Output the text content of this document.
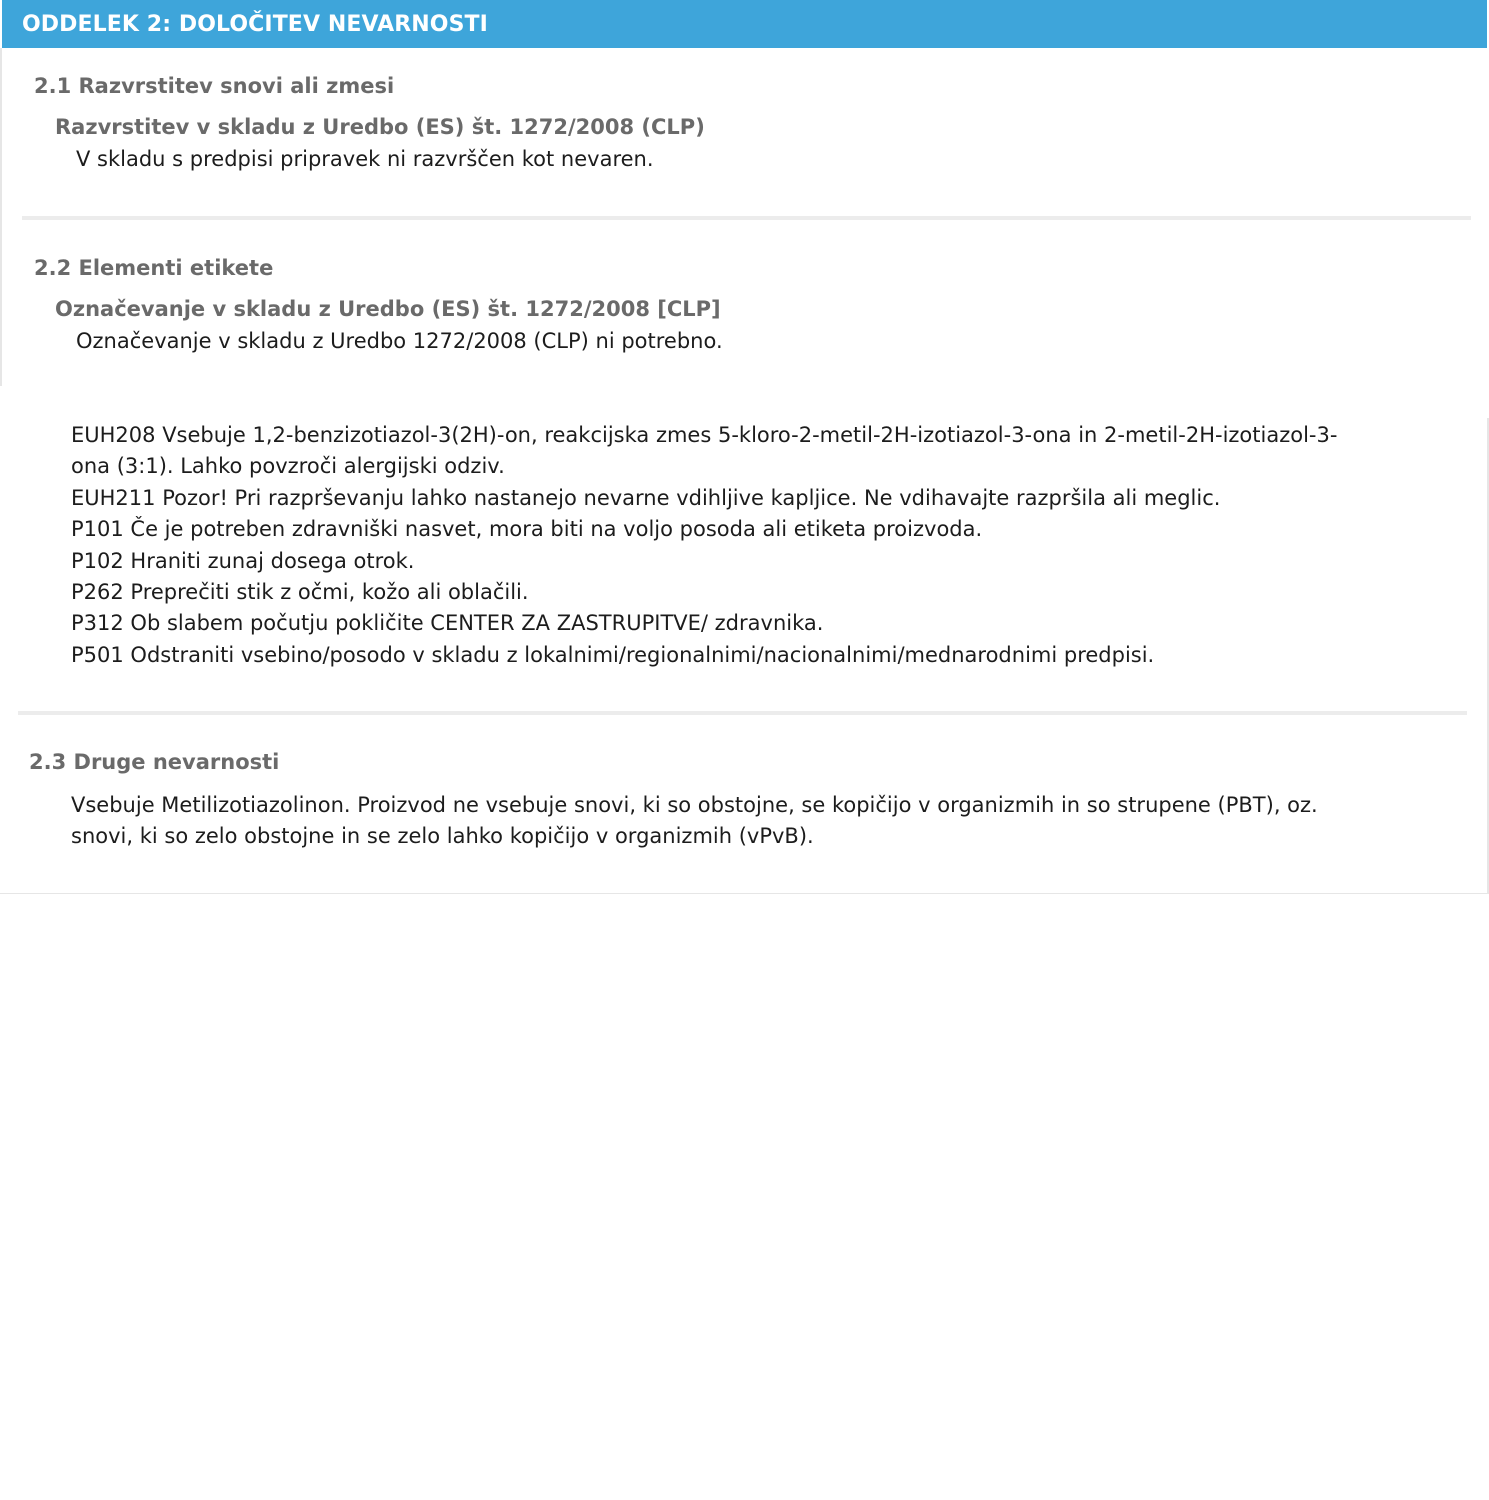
ODDELEK 2: DOLOČITEV NEVARNOSTI
2.1 Razvrstitev snovi ali zmesi
Razvrstitev v skladu z Uredbo (ES) št. 1272/2008 (CLP)
V skladu s predpisi pripravek ni razvrščen kot nevaren.
2.2 Elementi etikete
Označevanje v skladu z Uredbo (ES) št. 1272/2008 [CLP]
Označevanje v skladu z Uredbo 1272/2008 (CLP) ni potrebno.
EUH208 Vsebuje 1,2-benzizotiazol-3(2H)-on, reakcijska zmes 5-kloro-2-metil-2H-izotiazol-3-ona in 2-metil-2H-izotiazol-3-
ona (3:1). Lahko povzroči alergijski odziv.
EUH211 Pozor! Pri razprševanju lahko nastanejo nevarne vdihljive kapljice. Ne vdihavajte razpršila ali meglic.
P101 Če je potreben zdravniški nasvet, mora biti na voljo posoda ali etiketa proizvoda.
P102 Hraniti zunaj dosega otrok.
P262 Preprečiti stik z očmi, kožo ali oblačili.
P312 Ob slabem počutju pokličite CENTER ZA ZASTRUPITVE/ zdravnika.
P501 Odstraniti vsebino/posodo v skladu z lokalnimi/regionalnimi/nacionalnimi/mednarodnimi predpisi.
2.3 Druge nevarnosti
Vsebuje Metilizotiazolinon. Proizvod ne vsebuje snovi, ki so obstojne, se kopičijo v organizmih in so strupene (PBT), oz.
snovi, ki so zelo obstojne in se zelo lahko kopičijo v organizmih (vPvB).
